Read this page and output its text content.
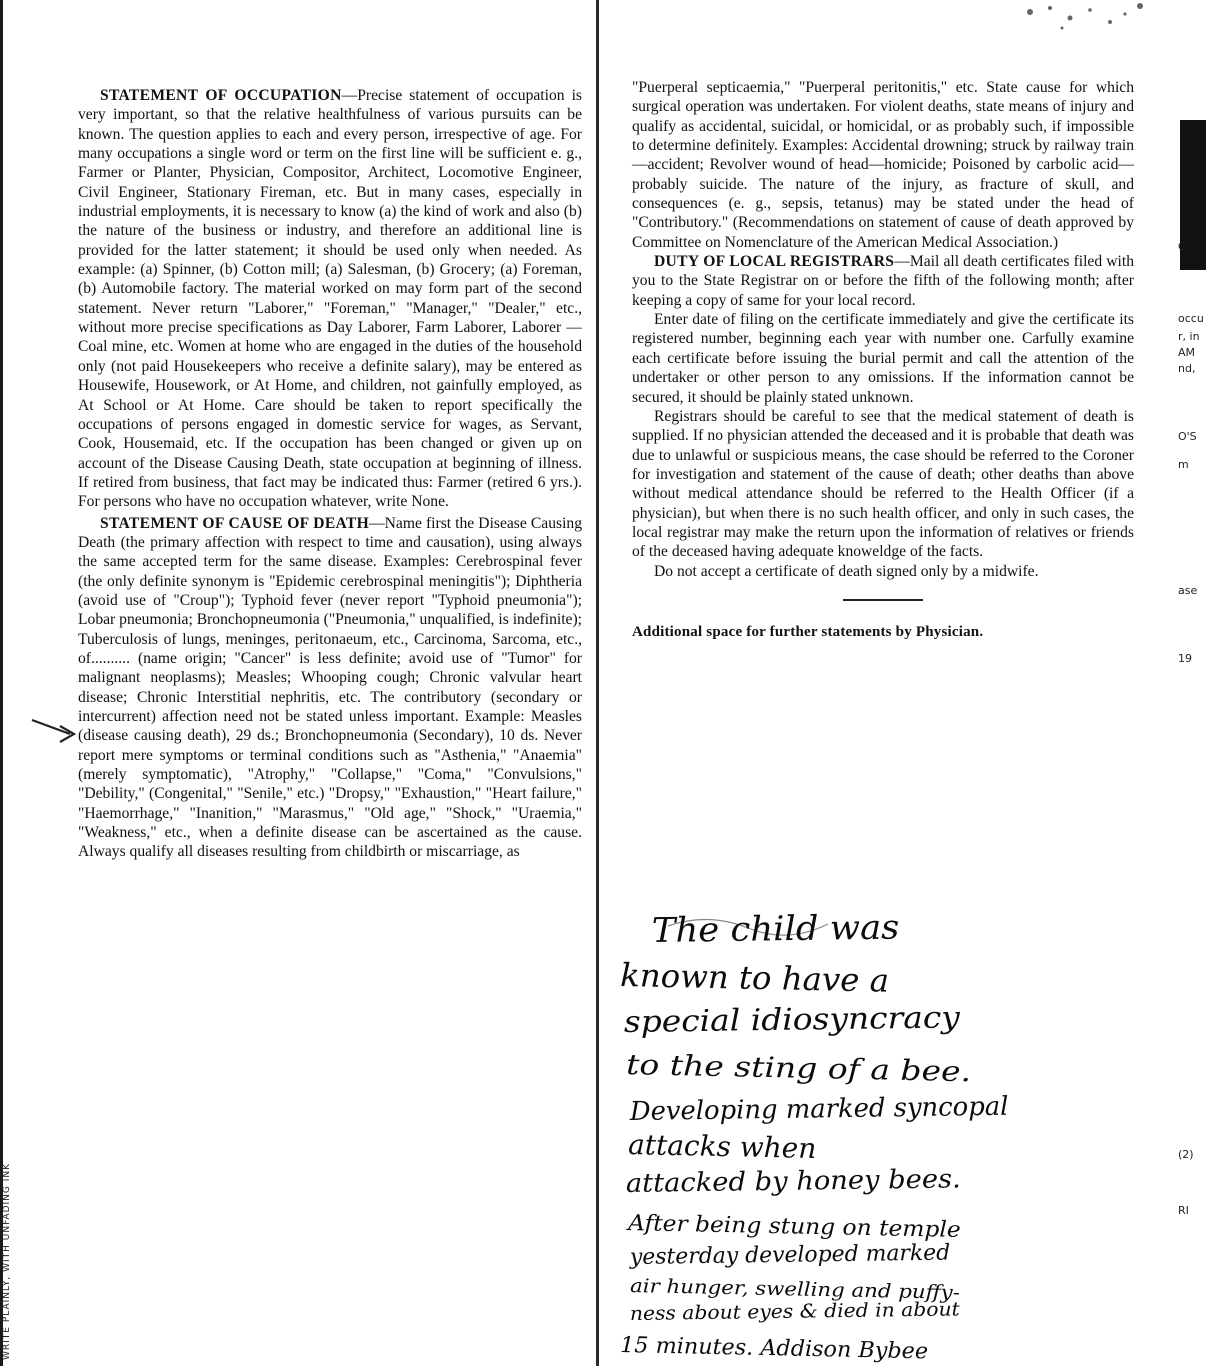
WRITE PLAINLY, WITH UNFADING INK

STATEMENT OF OCCUPATION—Precise statement of occupation is very important, so that the relative healthfulness of various pursuits can be known. The question applies to each and every person, irrespective of age. For many occupations a single word or term on the first line will be sufficient e. g., Farmer or Planter, Physician, Compositor, Architect, Locomotive Engineer, Civil Engineer, Stationary Fireman, etc. But in many cases, especially in industrial employments, it is necessary to know (a) the kind of work and also (b) the nature of the business or industry, and therefore an additional line is provided for the latter statement; it should be used only when needed. As example: (a) Spinner, (b) Cotton mill; (a) Salesman, (b) Grocery; (a) Foreman, (b) Automobile factory. The material worked on may form part of the second statement. Never return "Laborer," "Foreman," "Manager," "Dealer," etc., without more precise specifications as Day Laborer, Farm Laborer, Laborer — Coal mine, etc. Women at home who are engaged in the duties of the household only (not paid Housekeepers who receive a definite salary), may be entered as Housewife, Housework, or At Home, and children, not gainfully employed, as At School or At Home. Care should be taken to report specifically the occupations of persons engaged in domestic service for wages, as Servant, Cook, Housemaid, etc. If the occupation has been changed or given up on account of the Disease Causing Death, state occupation at beginning of illness. If retired from business, that fact may be indicated thus: Farmer (retired 6 yrs.). For persons who have no occupation whatever, write None.

STATEMENT OF CAUSE OF DEATH—Name first the Disease Causing Death (the primary affection with respect to time and causation), using always the same accepted term for the same disease. Examples: Cerebrospinal fever (the only definite synonym is "Epidemic cerebrospinal meningitis"); Diphtheria (avoid use of "Croup"); Typhoid fever (never report "Typhoid pneumonia"); Lobar pneumonia; Bronchopneumonia ("Pneumonia," unqualified, is indefinite); Tuberculosis of lungs, meninges, peritonaeum, etc., Carcinoma, Sarcoma, etc., of.......... (name origin; "Cancer" is less definite; avoid use of "Tumor" for malignant neoplasms); Measles; Whooping cough; Chronic valvular heart disease; Chronic Interstitial nephritis, etc. The contributory (secondary or intercurrent) affection need not be stated unless important. Example: Measles (disease causing death), 29 ds.; Bronchopneumonia (Secondary), 10 ds. Never report mere symptoms or terminal conditions such as "Asthenia," "Anaemia" (merely symptomatic), "Atrophy," "Collapse," "Coma," "Convulsions," "Debility," (Congenital," "Senile," etc.) "Dropsy," "Exhaustion," "Heart failure," "Haemorrhage," "Inanition," "Marasmus," "Old age," "Shock," "Uraemia," "Weakness," etc., when a definite disease can be ascertained as the cause. Always qualify all diseases resulting from childbirth or miscarriage, as

"Puerperal septicaemia," "Puerperal peritonitis," etc. State cause for which surgical operation was undertaken. For violent deaths, state means of injury and qualify as accidental, suicidal, or homicidal, or as probably such, if impossible to determine definitely. Examples: Accidental drowning; struck by railway train—accident; Revolver wound of head—homicide; Poisoned by carbolic acid—probably suicide. The nature of the injury, as fracture of skull, and consequences (e. g., sepsis, tetanus) may be stated under the head of "Contributory." (Recommendations on statement of cause of death approved by Committee on Nomenclature of the American Medical Association.)

DUTY OF LOCAL REGISTRARS—Mail all death certificates filed with you to the State Registrar on or before the fifth of the following month; after keeping a copy of same for your local record.

Enter date of filing on the certificate immediately and give the certificate its registered number, beginning each year with number one. Carfully examine each certificate before issuing the burial permit and call the attention of the undertaker or other person to any omissions. If the information cannot be secured, it should be plainly stated unknown.

Registrars should be careful to see that the medical statement of death is supplied. If no physician attended the deceased and it is probable that death was due to unlawful or suspicious means, the case should be referred to the Coroner for investigation and statement of the cause of death; other deaths than above without medical attendance should be referred to the Health Officer (if a physician), but when there is no such health officer, and only in such cases, the local registrar may make the return upon the information of relatives or friends of the deceased having adequate knoweldge of the facts.

Do not accept a certificate of death signed only by a midwife.

Additional space for further statements by Physician.

The child was
known to have a
special idiosyncracy
to the sting of a bee.
Developing marked syncopal
attacks when
attacked by honey bees.
After being stung on temple
yesterday developed marked
air hunger, swelling and puffy-
ness about eyes & died in about
15 minutes. Addison Bybee
C
occu
r, in
AM
nd,
O'S
m
ase
19
(2)
RI
